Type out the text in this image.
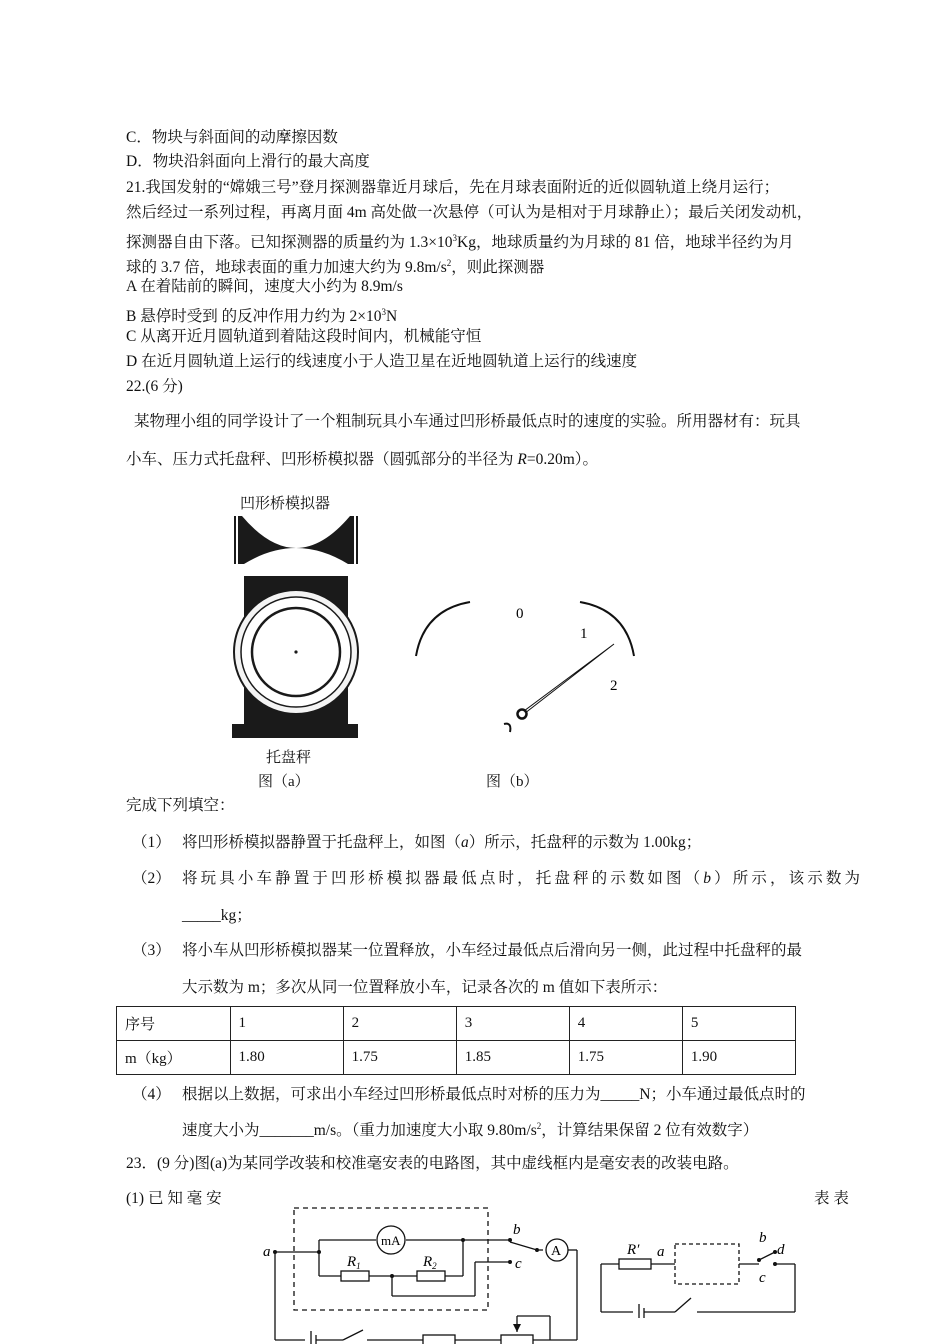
C．物块与斜面间的动摩擦因数
D．物块沿斜面向上滑行的最大高度
21.我国发射的“嫦娥三号”登月探测器靠近月球后，先在月球表面附近的近似圆轨道上绕月运行；
然后经过一系列过程，再离月面 4m 高处做一次悬停（可认为是相对于月球静止）；最后关闭发动机，
探测器自由下落。已知探测器的质量约为 $1.3\times 10^3Kg$，地球质量约为月球的 81 倍，地球半径约为月
球的 3.7 倍，地球表面的重力加速大约为 $9.8m/s^2$，则此探测器
A 在着陆前的瞬间，速度大小约为 8.9m/s
B 悬停时受到 的反冲作用力约为 $2\times 10^3N$
C 从离开近月圆轨道到着陆这段时间内，机械能守恒
D 在近月圆轨道上运行的线速度小于人造卫星在近地圆轨道上运行的线速度
22.(6 分)
某物理小组的同学设计了一个粗制玩具小车通过凹形桥最低点时的速度的实验。所用器材有：玩具
小车、压力式托盘秤、凹形桥模拟器（圆弧部分的半径为 R=0.20m）。
凹形桥模拟器
托盘秤
图（a）
0
1
2
图（b）
完成下列填空：
（1） 将凹形桥模拟器静置于托盘秤上，如图（a）所示，托盘秤的示数为 1.00kg；
（2） 将玩具小车静置于凹形桥模拟器最低点时，托盘秤的示数如图（b）所示，该示数为
_____kg；
（3） 将小车从凹形桥模拟器某一位置释放，小车经过最低点后滑向另一侧，此过程中托盘秤的最
大示数为 m；多次从同一位置释放小车，记录各次的 m 值如下表所示：
序号	1	2	3	4	5
m（kg）	1.80	1.75	1.85	1.75	1.90
（4） 根据以上数据，可求出小车经过凹形桥最低点时对桥的压力为_____N；小车通过最低点时的
速度大小为_______m/s。（重力加速度大小取 $9.80m/s^2$，计算结果保留 2 位有效数字）
23．(9 分)图(a)为某同学改装和校准毫安表的电路图，其中虚线框内是毫安表的改装电路。
(1) 已 知 毫 安	表 表
mA
A
a
b
c
$R_1$	$R_2$
R′ a
b
d
c
